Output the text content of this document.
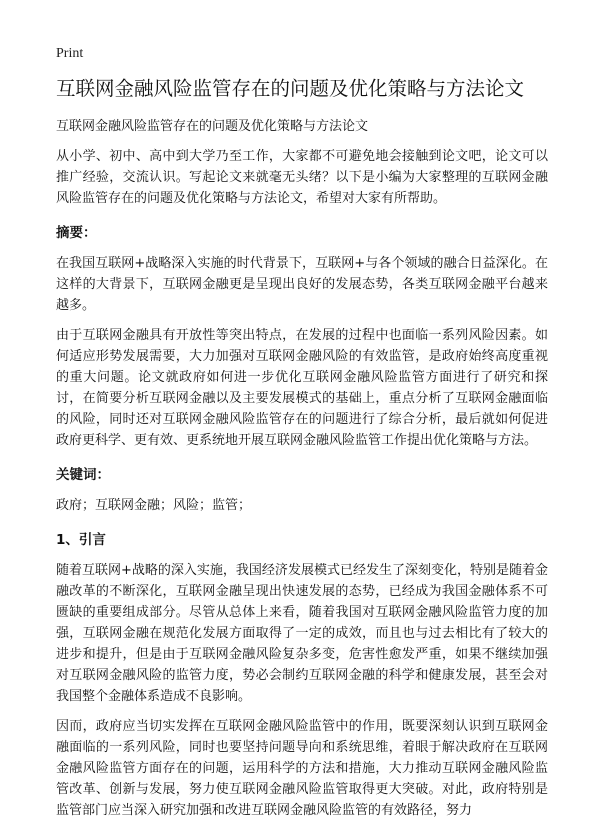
Print
互联网金融风险监管存在的问题及优化策略与方法论文
互联网金融风险监管存在的问题及优化策略与方法论文

从小学、初中、高中到大学乃至工作，大家都不可避免地会接触到论文吧，论文可以推广经验，交流认识。写起论文来就毫无头绪？以下是小编为大家整理的互联网金融风险监管存在的问题及优化策略与方法论文，希望对大家有所帮助。

摘要：

在我国互联网+战略深入实施的时代背景下，互联网+与各个领域的融合日益深化。在这样的大背景下，互联网金融更是呈现出良好的发展态势，各类互联网金融平台越来越多。

由于互联网金融具有开放性等突出特点，在发展的过程中也面临一系列风险因素。如何适应形势发展需要，大力加强对互联网金融风险的有效监管，是政府始终高度重视的重大问题。论文就政府如何进一步优化互联网金融风险监管方面进行了研究和探讨，在简要分析互联网金融以及主要发展模式的基础上，重点分析了互联网金融面临的风险，同时还对互联网金融风险监管存在的问题进行了综合分析，最后就如何促进政府更科学、更有效、更系统地开展互联网金融风险监管工作提出优化策略与方法。

关键词：

政府；互联网金融；风险；监管；

1、引言

随着互联网+战略的深入实施，我国经济发展模式已经发生了深刻变化，特别是随着金融改革的不断深化，互联网金融呈现出快速发展的态势，已经成为我国金融体系不可匮缺的重要组成部分。尽管从总体上来看，随着我国对互联网金融风险监管力度的加强，互联网金融在规范化发展方面取得了一定的成效，而且也与过去相比有了较大的进步和提升，但是由于互联网金融风险复杂多变，危害性愈发严重，如果不继续加强对互联网金融风险的监管力度，势必会制约互联网金融的科学和健康发展，甚至会对我国整个金融体系造成不良影响。

因而，政府应当切实发挥在互联网金融风险监管中的作用，既要深刻认识到互联网金融面临的一系列风险，同时也要坚持问题导向和系统思维，着眼于解决政府在互联网金融风险监管方面存在的问题，运用科学的方法和措施，大力推动互联网金融风险监管改革、创新与发展，努力使互联网金融风险监管取得更大突破。对此，政府特别是监管部门应当深入研究加强和改进互联网金融风险监管的有效路径，努力
